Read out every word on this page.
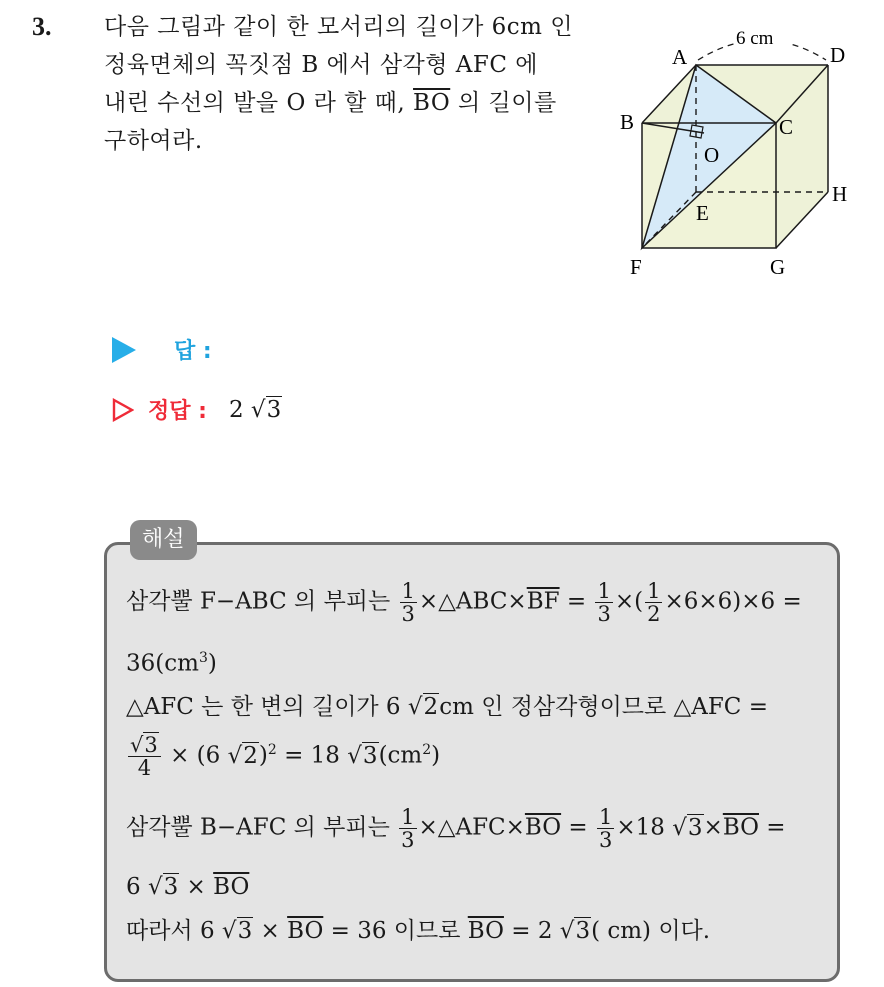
3. 다음 그림과 같이 한 모서리의 길이가 6cm 인
정육면체의 꼭짓점 B 에서 삼각형 AFC 에
내린 수선의 발을 O 라 할 때, $\overline{BO}$ 의 길이를
구하여라.
6 cm
A
B	C
D
E
F	G
H
O
답 :
정답 : 2 √3
해설
삼각뿔 F−ABC 의 부피는 $\frac{1}{3}$ $\times\triangle ABC\times\overline{BF} = \frac{1}{3}$ ×( $\frac{1}{2} \times 6\times 6)\times 6$ =
$36(cm^3)$
△AFC 는 한 변의 길이가 6 √2cm 인 정삼각형이므로 △AFC =
$\frac{√3}{4} \times (6$ √2)$^2$ = 18 $√3(cm^2)$
삼각뿔 B−AFC 의 부피는 $\frac{1}{3}$ $\times\triangle AFC\times\overline{BO} = \frac{1}{3} \times 18$ $√3\times\overline{BO}$ =
6 $√3 \times \overline{BO}$
따라서 6 $√3 \times \overline{BO} = 36$ 이므로 $\overline{BO} = 2$ √3( cm) 이다.
